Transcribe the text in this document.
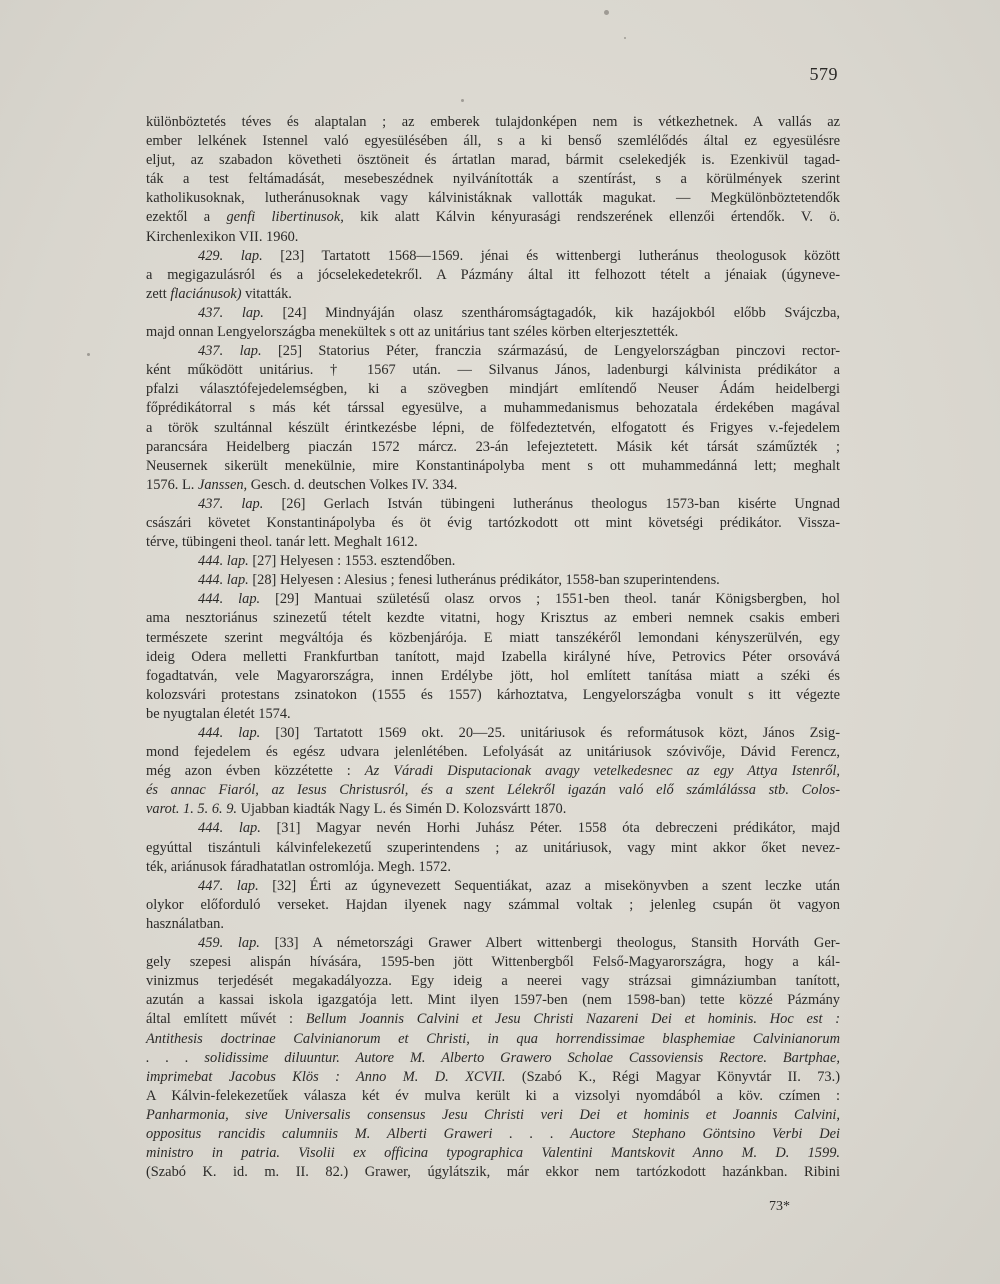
579
különböztetés téves és alaptalan ; az emberek tulajdonképen nem is vétkezhetnek. A vallás az
ember lelkének Istennel való egyesülésében áll, s a ki benső szemlélődés által ez egyesülésre
eljut, az szabadon követheti ösztöneit és ártatlan marad, bármit cselekedjék is. Ezenkivül tagad-
ták a test feltámadását, mesebeszédnek nyilvánították a szentírást, s a körülmények szerint
katholikusoknak, lutheránusoknak vagy kálvinistáknak vallották magukat. — Megkülönböztetendők
ezektől a genfi libertinusok, kik alatt Kálvin kényurasági rendszerének ellenzői értendők. V. ö.
Kirchenlexikon VII. 1960.
429. lap. [23] Tartatott 1568—1569. jénai és wittenbergi lutheránus theologusok között
a megigazulásról és a jócselekedetekről. A Pázmány által itt felhozott tételt a jénaiak (úgyneve-
zett flaciánusok) vitatták.
437. lap. [24] Mindnyáján olasz szentháromságtagadók, kik hazájokból előbb Svájczba,
majd onnan Lengyelországba menekültek s ott az unitárius tant széles körben elterjesztették.
437. lap. [25] Statorius Péter, franczia származású, de Lengyelországban pinczovi rector-
ként működött unitárius. † 1567 után. — Silvanus János, ladenburgi kálvinista prédikátor a
pfalzi választófejedelemségben, ki a szövegben mindjárt említendő Neuser Ádám heidelbergi
főprédikátorral s más két társsal egyesülve, a muhammedanismus behozatala érdekében magával
a török szultánnal készült érintkezésbe lépni, de fölfedeztetvén, elfogatott és Frigyes v.-fejedelem
parancsára Heidelberg piaczán 1572 márcz. 23-án lefejeztetett. Másik két társát száműzték ;
Neusernek sikerült menekülnie, mire Konstantinápolyba ment s ott muhammedánná lett; meghalt
1576. L. Janssen, Gesch. d. deutschen Volkes IV. 334.
437. lap. [26] Gerlach István tübingeni lutheránus theologus 1573-ban kisérte Ungnad
császári követet Konstantinápolyba és öt évig tartózkodott ott mint követségi prédikátor. Vissza-
térve, tübingeni theol. tanár lett. Meghalt 1612.
444. lap. [27] Helyesen : 1553. esztendőben.
444. lap. [28] Helyesen : Alesius ; fenesi lutheránus prédikátor, 1558-ban szuperintendens.
444. lap. [29] Mantuai születésű olasz orvos ; 1551-ben theol. tanár Königsbergben, hol
ama nesztoriánus szinezetű tételt kezdte vitatni, hogy Krisztus az emberi nemnek csakis emberi
természete szerint megváltója és közbenjárója. E miatt tanszékéről lemondani kényszerülvén, egy
ideig Odera melletti Frankfurtban tanított, majd Izabella királyné híve, Petrovics Péter orsovává
fogadtatván, vele Magyarországra, innen Erdélybe jött, hol említett tanítása miatt a széki és
kolozsvári protestans zsinatokon (1555 és 1557) kárhoztatva, Lengyelországba vonult s itt végezte
be nyugtalan életét 1574.
444. lap. [30] Tartatott 1569 okt. 20—25. unitáriusok és reformátusok közt, János Zsig-
mond fejedelem és egész udvara jelenlétében. Lefolyását az unitáriusok szóvivője, Dávid Ferencz,
még azon évben közzétette : Az Váradi Disputacionak avagy vetelkedesnec az egy Attya Istenről,
és annac Fiaról, az Iesus Christusról, és a szent Lélekről igazán való elő számlálássa stb. Colos-
varot. 1. 5. 6. 9. Ujabban kiadták Nagy L. és Simén D. Kolozsvártt 1870.
444. lap. [31] Magyar nevén Horhi Juhász Péter. 1558 óta debreczeni prédikátor, majd
egyúttal tiszántuli kálvinfelekezetű szuperintendens ; az unitáriusok, vagy mint akkor őket nevez-
ték, ariánusok fáradhatatlan ostromlója. Megh. 1572.
447. lap. [32] Érti az úgynevezett Sequentiákat, azaz a misekönyvben a szent leczke után
olykor előforduló verseket. Hajdan ilyenek nagy számmal voltak ; jelenleg csupán öt vagyon
használatban.
459. lap. [33] A németországi Grawer Albert wittenbergi theologus, Stansith Horváth Ger-
gely szepesi alispán hívására, 1595-ben jött Wittenbergből Felső-Magyarországra, hogy a kál-
vinizmus terjedését megakadályozza. Egy ideig a neerei vagy strázsai gimnáziumban tanított,
azután a kassai iskola igazgatója lett. Mint ilyen 1597-ben (nem 1598-ban) tette közzé Pázmány
által említett művét : Bellum Joannis Calvini et Jesu Christi Nazareni Dei et hominis. Hoc est :
Antithesis doctrinae Calvinianorum et Christi, in qua horrendissimae blasphemiae Calvinianorum
. . . solidissime diluuntur. Autore M. Alberto Grawero Scholae Cassoviensis Rectore. Bartphae,
imprimebat Jacobus Klös : Anno M. D. XCVII. (Szabó K., Régi Magyar Könyvtár II. 73.)
A Kálvin-felekezetűek válasza két év mulva került ki a vizsolyi nyomdából a köv. czímen :
Panharmonia, sive Universalis consensus Jesu Christi veri Dei et hominis et Joannis Calvini,
oppositus rancidis calumniis M. Alberti Graweri . . . Auctore Stephano Göntsino Verbi Dei
ministro in patria. Visolii ex officina typographica Valentini Mantskovit Anno M. D. 1599.
(Szabó K. id. m. II. 82.) Grawer, úgylátszik, már ekkor nem tartózkodott hazánkban. Ribini
73*
